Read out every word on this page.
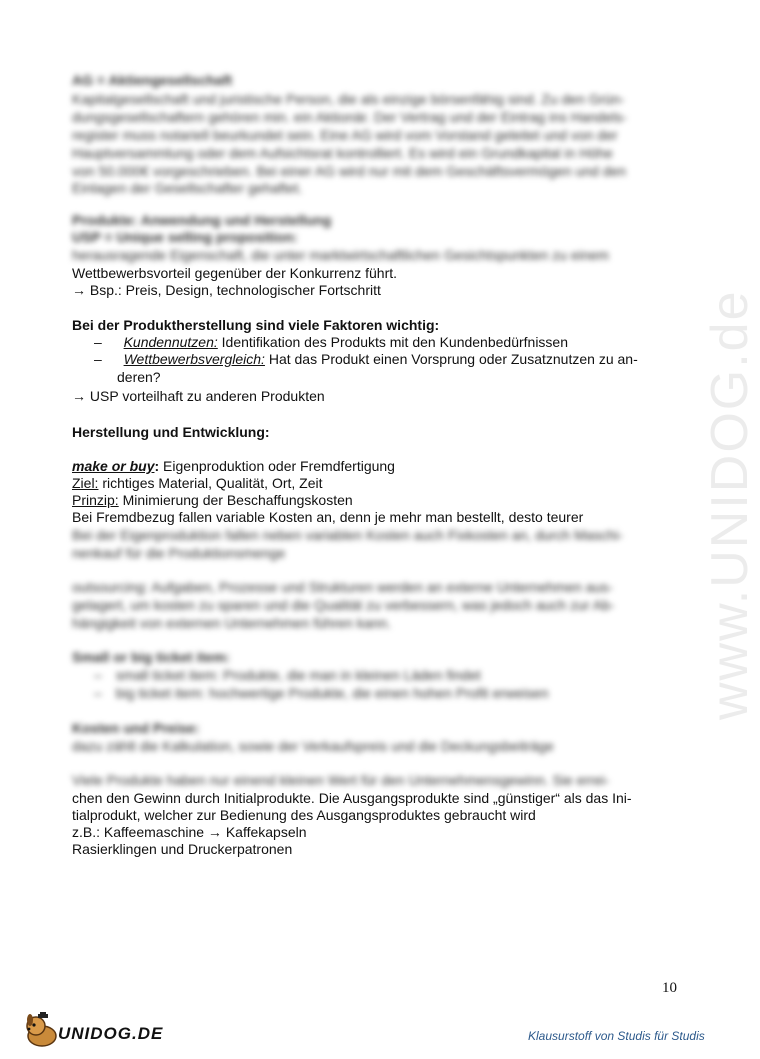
www.UNIDOG.de
AG = Aktiengesellschaft
Kapitalgesellschaft und juristische Person, die als einzige börsenfähig sind. Zu den Grün-
dungsgesellschaftern gehören min. ein Aktionär. Der Vertrag und der Eintrag ins Handels-
register muss notariell beurkundet sein. Eine AG wird vom Vorstand geleitet und von der
Hauptversammlung oder dem Aufsichtsrat kontrolliert. Es wird ein Grundkapital in Höhe
von 50.000€ vorgeschrieben. Bei einer AG wird nur mit dem Geschäftsvermögen und den
Einlagen der Gesellschafter gehaftet.
Produkte: Anwendung und Herstellung
USP = Unique selling proposition:
herausragende Eigenschaft, die unter marktwirtschaftlichen Gesichtspunkten zu einem
Wettbewerbsvorteil gegenüber der Konkurrenz führt.
→ Bsp.: Preis, Design, technologischer Fortschritt
Bei der Produktherstellung sind viele Faktoren wichtig:
– Kundennutzen: Identifikation des Produkts mit den Kundenbedürfnissen
– Wettbewerbsvergleich: Hat das Produkt einen Vorsprung oder Zusatznutzen zu an-
deren?
→ USP vorteilhaft zu anderen Produkten
Herstellung und Entwicklung:
make or buy: Eigenproduktion oder Fremdfertigung
Ziel: richtiges Material, Qualität, Ort, Zeit
Prinzip: Minimierung der Beschaffungskosten
Bei Fremdbezug fallen variable Kosten an, denn je mehr man bestellt, desto teurer
Bei der Eigenproduktion fallen neben variablen Kosten auch Fixkosten an, durch Maschi-
nenkauf für die Produktionsmenge
outsourcing: Aufgaben, Prozesse und Strukturen werden an externe Unternehmen aus-
gelagert, um kosten zu sparen und die Qualität zu verbessern, was jedoch auch zur Ab-
hängigkeit von externen Unternehmen führen kann.
Small or big ticket item:
– small ticket item: Produkte, die man in kleinen Läden findet
– big ticket item: hochwertige Produkte, die einen hohen Profit erweisen
Kosten und Preise:
dazu zählt die Kalkulation, sowie der Verkaufspreis und die Deckungsbeiträge
Viele Produkte haben nur einend kleinen Wert für den Unternehmensgewinn. Sie errei-
chen den Gewinn durch Initialprodukte. Die Ausgangsprodukte sind „günstiger“ als das Ini-
tialprodukt, welcher zur Bedienung des Ausgangsproduktes gebraucht wird
z.B.: Kaffeemaschine → Kaffekapseln
Rasierklingen und Druckerpatronen
10
UNIDOG.DE	Klausurstoff von Studis für Studis
